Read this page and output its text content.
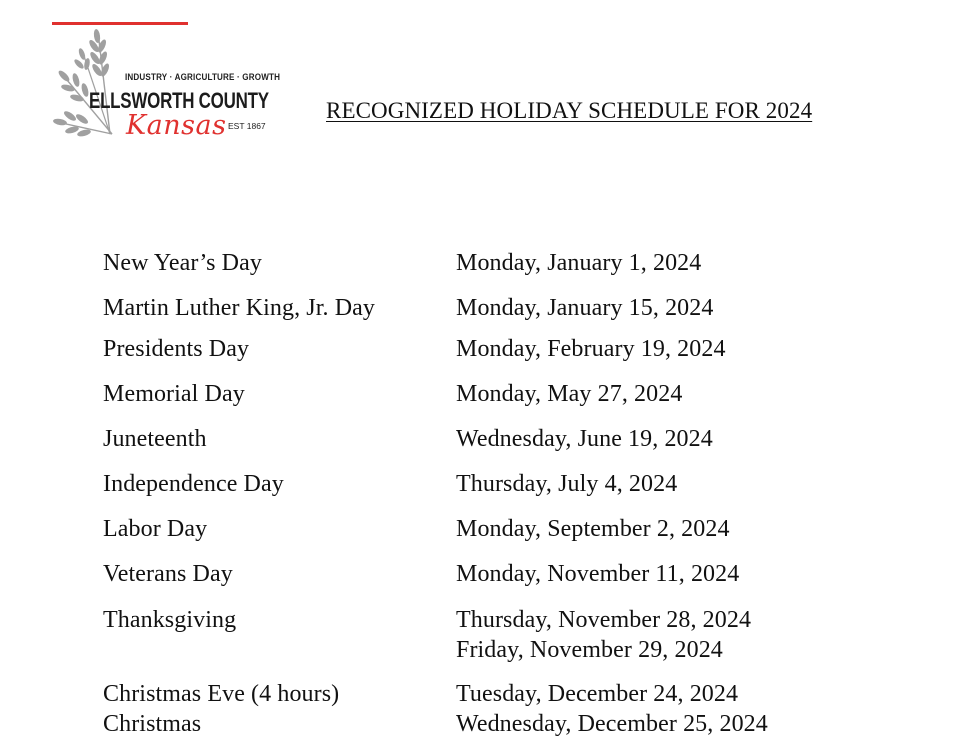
INDUSTRY · AGRICULTURE · GROWTH
ELLSWORTH COUNTY
Kansas EST 1867
RECOGNIZED HOLIDAY SCHEDULE FOR 2024
New Year’s Day	Monday, January 1, 2024
Martin Luther King, Jr. Day	Monday, January 15, 2024
Presidents Day	Monday, February 19, 2024
Memorial Day	Monday, May 27, 2024
Juneteenth	Wednesday, June 19, 2024
Independence Day	Thursday, July 4, 2024
Labor Day	Monday, September 2, 2024
Veterans Day	Monday, November 11, 2024
Thanksgiving	Thursday, November 28, 2024
Friday, November 29, 2024
Christmas Eve (4 hours)	Tuesday, December 24, 2024
Christmas	Wednesday, December 25, 2024
